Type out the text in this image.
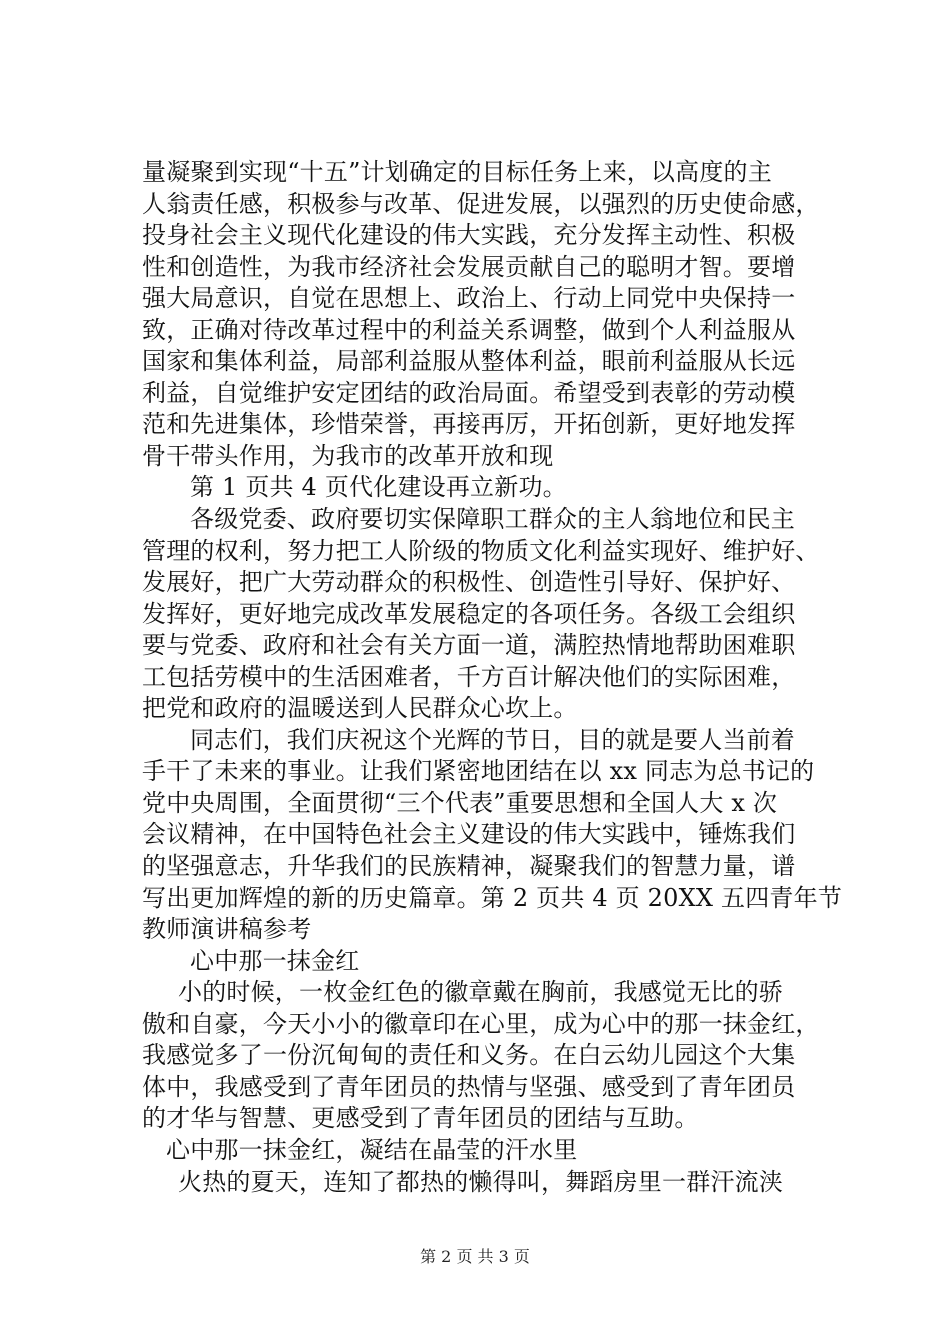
量凝聚到实现“十五”计划确定的目标任务上来，以高度的主
人翁责任感，积极参与改革、促进发展，以强烈的历史使命感，
投身社会主义现代化建设的伟大实践，充分发挥主动性、积极
性和创造性，为我市经济社会发展贡献自己的聪明才智。要增
强大局意识，自觉在思想上、政治上、行动上同党中央保持一
致，正确对待改革过程中的利益关系调整，做到个人利益服从
国家和集体利益，局部利益服从整体利益，眼前利益服从长远
利益，自觉维护安定团结的政治局面。希望受到表彰的劳动模
范和先进集体，珍惜荣誉，再接再厉，开拓创新，更好地发挥
骨干带头作用，为我市的改革开放和现
第 1 页共 4 页代化建设再立新功。
各级党委、政府要切实保障职工群众的主人翁地位和民主
管理的权利，努力把工人阶级的物质文化利益实现好、维护好、
发展好，把广大劳动群众的积极性、创造性引导好、保护好、
发挥好，更好地完成改革发展稳定的各项任务。各级工会组织
要与党委、政府和社会有关方面一道，满腔热情地帮助困难职
工包括劳模中的生活困难者，千方百计解决他们的实际困难，
把党和政府的温暖送到人民群众心坎上。
同志们，我们庆祝这个光辉的节日，目的就是要人当前着
手干了未来的事业。让我们紧密地团结在以 xx 同志为总书记的
党中央周围，全面贯彻“三个代表”重要思想和全国人大 x 次
会议精神，在中国特色社会主义建设的伟大实践中，锤炼我们
的坚强意志，升华我们的民族精神，凝聚我们的智慧力量，谱
写出更加辉煌的新的历史篇章。第 2 页共 4 页 20XX 五四青年节
教师演讲稿参考
心中那一抹金红
小的时候，一枚金红色的徽章戴在胸前，我感觉无比的骄
傲和自豪，今天小小的徽章印在心里，成为心中的那一抹金红，
我感觉多了一份沉甸甸的责任和义务。在白云幼儿园这个大集
体中，我感受到了青年团员的热情与坚强、感受到了青年团员
的才华与智慧、更感受到了青年团员的团结与互助。
心中那一抹金红，凝结在晶莹的汗水里
火热的夏天，连知了都热的懒得叫，舞蹈房里一群汗流浃
第 2 页 共 3 页
